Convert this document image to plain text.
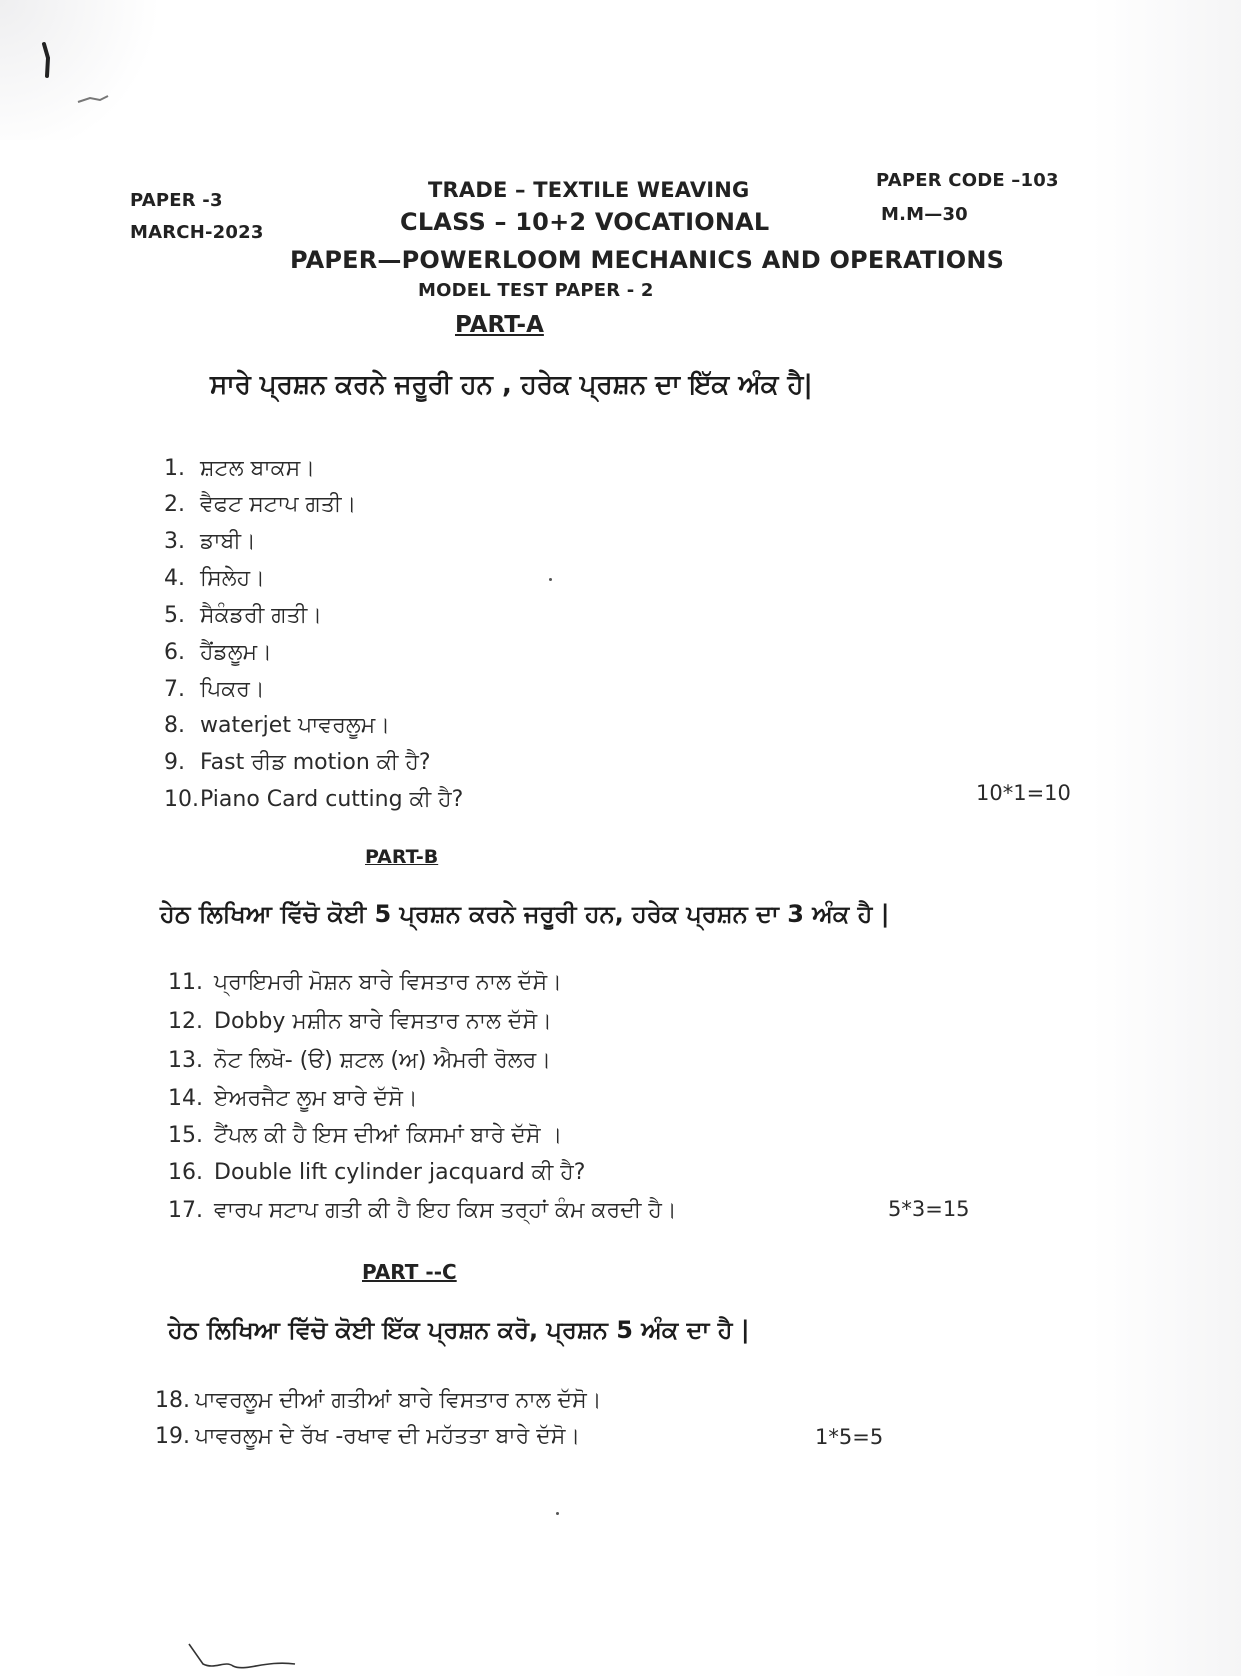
PAPER -3
MARCH-2023
TRADE – TEXTILE WEAVING
CLASS – 10+2 VOCATIONAL
PAPER—POWERLOOM MECHANICS AND OPERATIONS
MODEL TEST PAPER - 2
PAPER CODE –103
M.M—30
PART-A
ਸਾਰੇ ਪ੍ਰਸ਼ਨ ਕਰਨੇ ਜਰੂਰੀ ਹਨ , ਹਰੇਕ ਪ੍ਰਸ਼ਨ ਦਾ ਇੱਕ ਅੰਕ ਹੈ|
1. ਸ਼ਟਲ ਬਾਕਸ।
2. ਵੈਫਟ ਸਟਾਪ ਗਤੀ।
3. ਡਾਬੀ।
4. ਸਿਲੇਹ।
5. ਸੈਕੰਡਰੀ ਗਤੀ।
6. ਹੈਂਡਲੂਮ।
7. ਪਿਕਰ।
8. waterjet ਪਾਵਰਲੂਮ।
9. Fast ਰੀਡ motion ਕੀ ਹੈ?
10.Piano Card cutting ਕੀ ਹੈ?	10*1=10
PART-B
ਹੇਠ ਲਿਖਿਆ ਵਿੱਚੋ ਕੋਈ 5 ਪ੍ਰਸ਼ਨ ਕਰਨੇ ਜਰੂਰੀ ਹਨ, ਹਰੇਕ ਪ੍ਰਸ਼ਨ ਦਾ 3 ਅੰਕ ਹੈ |
11. ਪ੍ਰਾਇਮਰੀ ਮੋਸ਼ਨ ਬਾਰੇ ਵਿਸਤਾਰ ਨਾਲ ਦੱਸੋ।
12. Dobby ਮਸ਼ੀਨ ਬਾਰੇ ਵਿਸਤਾਰ ਨਾਲ ਦੱਸੋ।
13. ਨੋਟ ਲਿਖੋ- (ੳ) ਸ਼ਟਲ (ਅ) ਐਮਰੀ ਰੋਲਰ।
14. ਏਅਰਜੈਟ ਲੂਮ ਬਾਰੇ ਦੱਸੋ।
15. ਟੈਂਪਲ ਕੀ ਹੈ ਇਸ ਦੀਆਂ ਕਿਸਮਾਂ ਬਾਰੇ ਦੱਸੋ ।
16. Double lift cylinder jacquard ਕੀ ਹੈ?
17. ਵਾਰਪ ਸਟਾਪ ਗਤੀ ਕੀ ਹੈ ਇਹ ਕਿਸ ਤਰ੍ਹਾਂ ਕੰਮ ਕਰਦੀ ਹੈ।	5*3=15
PART --C
ਹੇਠ ਲਿਖਿਆ ਵਿੱਚੋ ਕੋਈ ਇੱਕ ਪ੍ਰਸ਼ਨ ਕਰੋ, ਪ੍ਰਸ਼ਨ 5 ਅੰਕ ਦਾ ਹੈ |
18. ਪਾਵਰਲੂਮ ਦੀਆਂ ਗਤੀਆਂ ਬਾਰੇ ਵਿਸਤਾਰ ਨਾਲ ਦੱਸੋ।
19. ਪਾਵਰਲੂਮ ਦੇ ਰੱਖ -ਰਖਾਵ ਦੀ ਮਹੱਤਤਾ ਬਾਰੇ ਦੱਸੋ।	1*5=5
